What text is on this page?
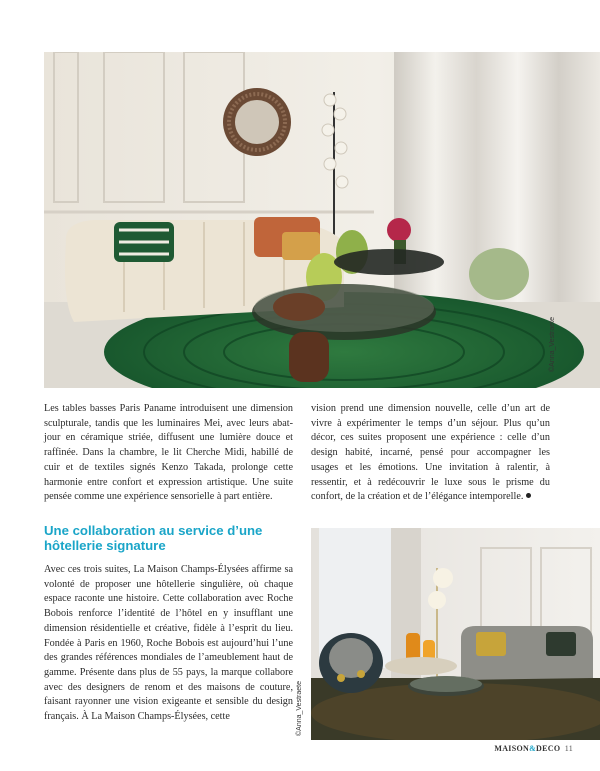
©Anna_Vestraete

Les tables basses Paris Paname introduisent une dimension sculpturale, tandis que les luminaires Mei, avec leurs abat-jour en céramique striée, diffusent une lumière douce et raffinée. Dans la chambre, le lit Cherche Midi, habillé de cuir et de textiles signés Kenzo Takada, prolonge cette harmonie entre confort et expression artistique. Une suite pensée comme une expérience sensorielle à part entière.

Une collaboration au service d’une
hôtellerie signature

Avec ces trois suites, La Maison Champs-Élysées affirme sa volonté de proposer une hôtellerie singulière, où chaque espace raconte une histoire. Cette collaboration avec Roche Bobois renforce l’identité de l’hôtel en y insufflant une dimension résidentielle et créative, fidèle à l’esprit du lieu. Fondée à Paris en 1960, Roche Bobois est aujourd’hui l’une des grandes références mondiales de l’ameublement haut de gamme. Présente dans plus de 55 pays, la marque collabore avec des designers de renom et des maisons de couture, faisant rayonner une vision exigeante et sensible du design français. À La Maison Champs-Élysées, cette

vision prend une dimension nouvelle, celle d’un art de vivre à expérimenter le temps d’un séjour. Plus qu’un décor, ces suites proposent une expérience : celle d’un design habité, incarné, pensé pour accompagner les usages et les émotions. Une invitation à ralentir, à ressentir, et à redécouvrir le luxe sous le prisme du confort, de la création et de l’élégance intemporelle.

©Anna_Vestraete
MAISON&DECO 11
